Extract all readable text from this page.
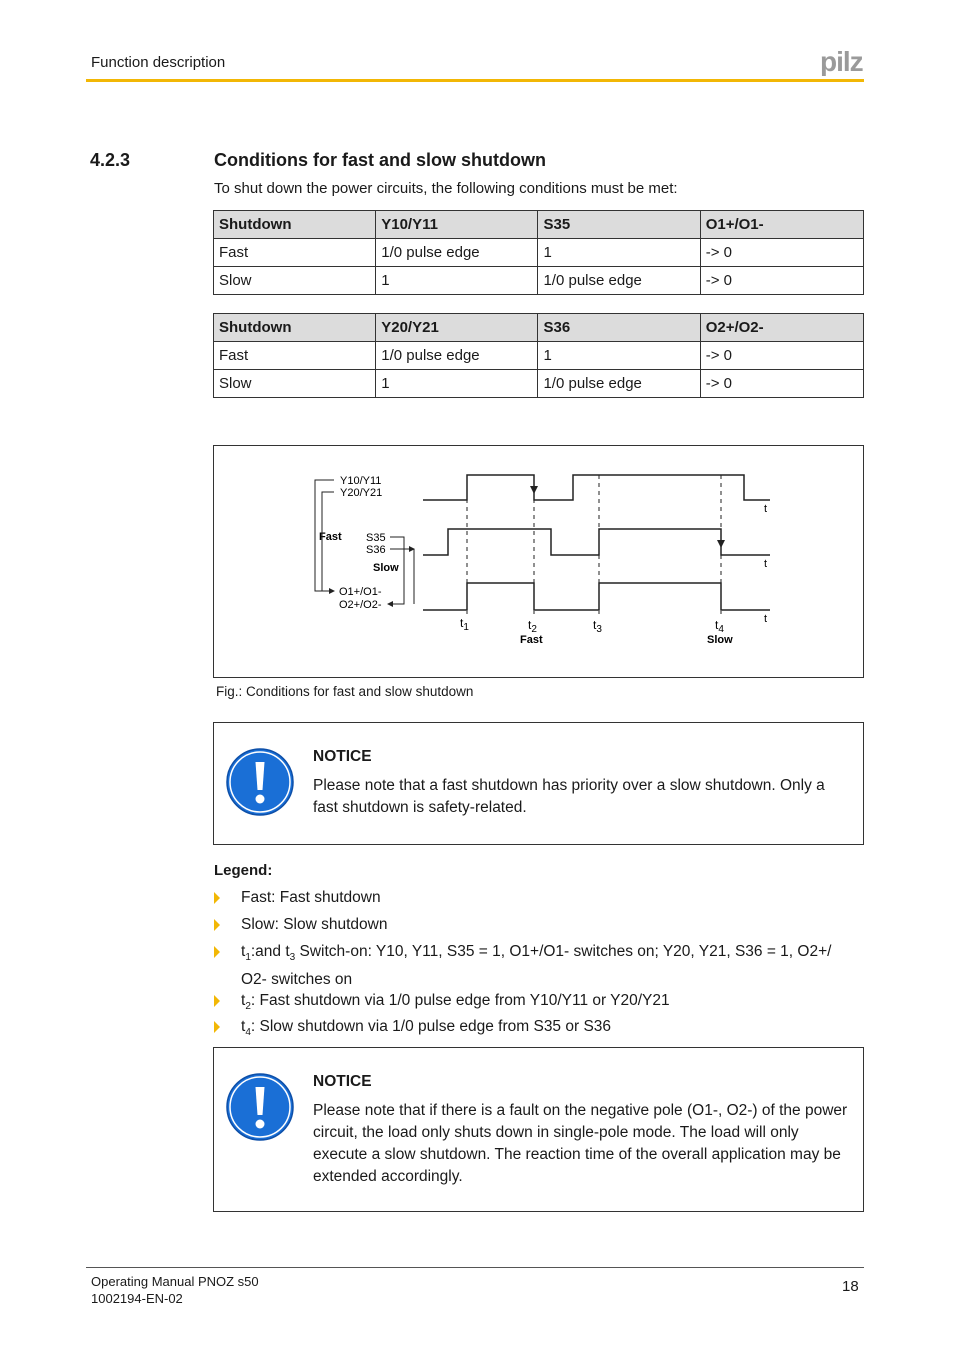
Function description	pilz
4.2.3	Conditions for fast and slow shutdown
To shut down the power circuits, the following conditions must be met:
Shutdown	Y10/Y11	S35	O1+/O1-
Fast	1/0 pulse edge	1	-> 0
Slow	1	1/0 pulse edge	-> 0
Shutdown	Y20/Y21	S36	O2+/O2-
Fast	1/0 pulse edge	1	-> 0
Slow	1	1/0 pulse edge	-> 0
Y10/Y11
Y20/Y21
Fast S35
S36
Slow
O1+/O1-
O2+/O2-
t
t
t
$t_1$	$t_2$
Fast
$t_3$	$t_4$
Slow
Fig.: Conditions for fast and slow shutdown
NOTICE
Please note that a fast shutdown has priority over a slow shutdown. Only a fast shutdown is safety-related.
Legend:
Fast: Fast shutdown
Slow: Slow shutdown
$t_1:and$ $t_3$ Switch-on: Y10, Y11, S35 = 1, O1+/O1- switches on; Y20, Y21, S36 = 1, O2+/ O2- switches on
$t_2$: Fast shutdown via 1/0 pulse edge from Y10/Y11 or Y20/Y21
$t_4$: Slow shutdown via 1/0 pulse edge from S35 or S36
NOTICE
Please note that if there is a fault on the negative pole (O1-, O2-) of the power circuit, the load only shuts down in single-pole mode. The load will only execute a slow shutdown. The reaction time of the overall application may be extended accordingly.
Operating Manual PNOZ s50
1002194-EN-02
18
